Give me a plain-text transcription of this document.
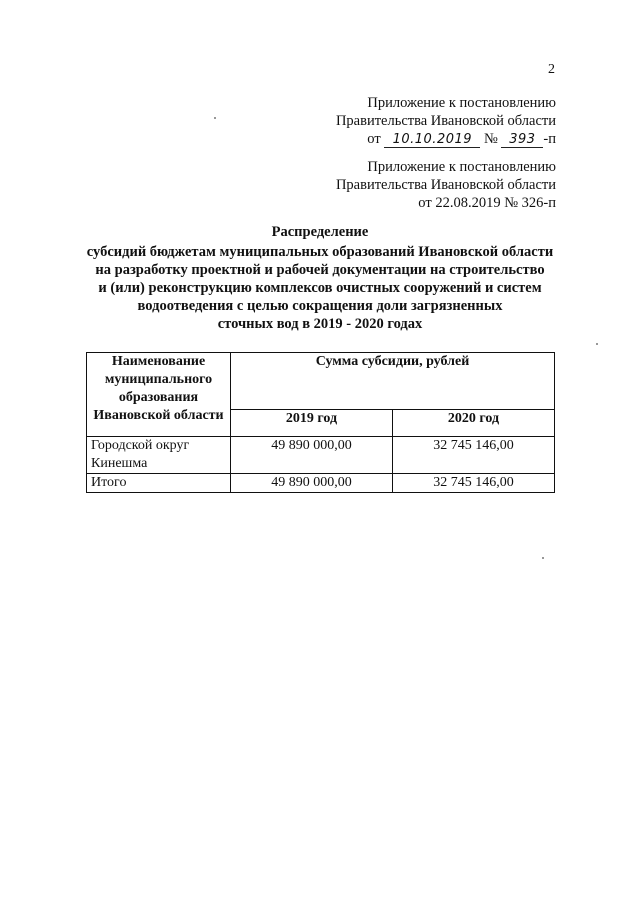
2
Приложение к постановлению
Правительства Ивановской области
от 10.10.2019 № 393 -п
Приложение к постановлению
Правительства Ивановской области
от 22.08.2019 № 326-п
Распределение
субсидий бюджетам муниципальных образований Ивановской области
на разработку проектной и рабочей документации на строительство
и (или) реконструкцию комплексов очистных сооружений и систем
водоотведения с целью сокращения доли загрязненных
сточных вод в 2019 - 2020 годах
Наименование муниципального образования Ивановской области	Сумма субсидии, рублей	
	2019 год	2020 год
Городской округ Кинешма	49 890 000,00	32 745 146,00
Итого	49 890 000,00	32 745 146,00
